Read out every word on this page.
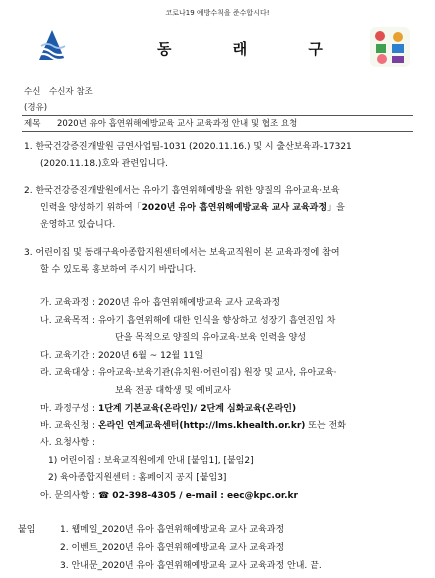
코로나19 예방수칙을 준수합시다!
동 래 구
수신 수신자 참조
(경유)
제목 2020년 유아 흡연위해예방교육 교사 교육과정 안내 및 협조 요청
1. 한국건강증진개발원 금연사업팀-1031 (2020.11.16.) 및 시 출산보육과-17321
(2020.11.18.)호와 관련입니다.
2. 한국건강증진개발원에서는 유아기 흡연위해예방을 위한 양질의 유아교육·보육
인력을 양성하기 위하여「2020년 유아 흡연위해예방교육 교사 교육과정」을
운영하고 있습니다.
3. 어린이집 및 동래구육아종합지원센터에서는 보육교직원이 본 교육과정에 참여
할 수 있도록 홍보하여 주시기 바랍니다.
가. 교육과정 : 2020년 유아 흡연위해예방교육 교사 교육과정
나. 교육목적 : 유아기 흡연위해에 대한 인식을 향상하고 성장기 흡연진입 차
단을 목적으로 양질의 유아교육·보육 인력을 양성
다. 교육기간 : 2020년 6월 ~ 12월 11일
라. 교육대상 : 유아교육·보육기관(유치원·어린이집) 원장 및 교사, 유아교육·
보육 전공 대학생 및 예비교사
마. 과정구성 : 1단계 기본교육(온라인)/ 2단계 심화교육(온라인)
바. 교육신청 : 온라인 연계교육센터(http://lms.khealth.or.kr) 또는 전화
사. 요청사항 :
1) 어린이집 : 보육교직원에게 안내 [붙임1], [붙임2]
2) 육아종합지원센터 : 홈페이지 공지 [붙임3]
아. 문의사항 : ☎ 02-398-4305 / e-mail : eec@kpc.or.kr
붙임	1. 웹메일_2020년 유아 흡연위해예방교육 교사 교육과정
2. 이벤트_2020년 유아 흡연위해예방교육 교사 교육과정
3. 안내문_2020년 유아 흡연위해예방교육 교사 교육과정 안내. 끝.
